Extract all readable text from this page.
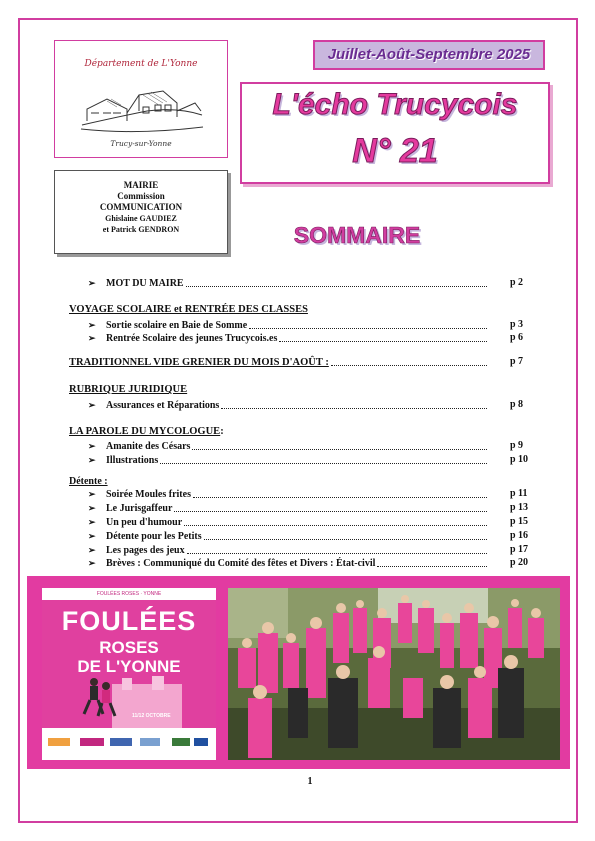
Département de L'Yonne
Trucy-sur-Yonne
Juillet-Août-Septembre 2025
L'écho Trucycois
N° 21
MAIRIE
Commission
COMMUNICATION
Ghislaine GAUDIEZ
et Patrick GENDRON	SOMMAIRE
➢	MOT DU MAIRE	p 2
VOYAGE SCOLAIRE et RENTRÉE DES CLASSES
➢	Sortie scolaire en Baie de Somme	p 3
➢	Rentrée Scolaire des jeunes Trucycois.es	p 6
TRADITIONNEL VIDE GRENIER DU MOIS D'AOÛT :	p 7
RUBRIQUE JURIDIQUE
➢	Assurances et Réparations	p 8
LA PAROLE DU MYCOLOGUE:
➢	Amanite des Césars	p 9
➢	Illustrations	p 10
Détente :
➢	Soirée Moules frites	p 11
➢	Le Jurisgaffeur	p 13
➢	Un peu d'humour	p 15
➢	Détente pour les Petits	p 16
➢	Les pages des jeux	p 17
➢	Brèves : Communiqué du Comité des fêtes et Divers : État-civil	p 20
FOULÉES ROSES · YONNE
FOULÉES
ROSES
DE L'YONNE
11/12 OCTOBRE
1
